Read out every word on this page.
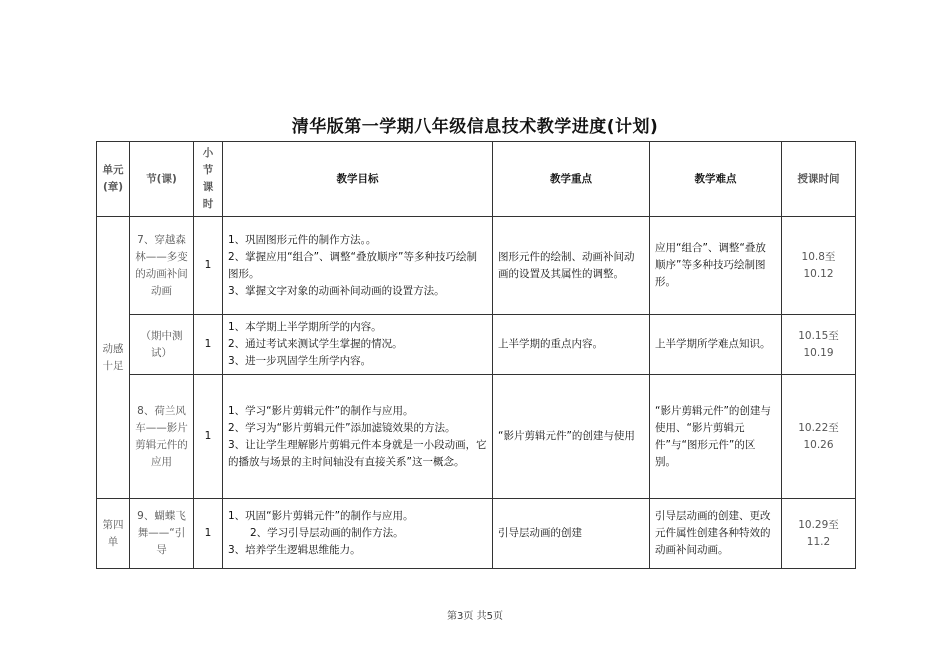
清华版第一学期八年级信息技术教学进度(计划)
单元(章)	节(课)	小节课时	教学目标	教学重点	教学难点	授课时间
动感十足	7、穿越森林——多变的动画补间动画	1	1、巩固图形元件的制作方法。。
2、掌握应用“组合”、调整“叠放顺序”等多种技巧绘制图形。
3、掌握文字对象的动画补间动画的设置方法。	图形元件的绘制、动画补间动画的设置及其属性的调整。	应用“组合”、调整“叠放顺序”等多种技巧绘制图形。	10.8至10.12
	（期中测试）	1	1、本学期上半学期所学的内容。
2、通过考试来测试学生掌握的情况。
3、进一步巩固学生所学内容。	上半学期的重点内容。	上半学期所学难点知识。	10.15至10.19
	8、荷兰风车——影片剪辑元件的应用	1	1、学习“影片剪辑元件”的制作与应用。
2、学习为“影片剪辑元件”添加滤镜效果的方法。
3、让让学生理解影片剪辑元件本身就是一小段动画，它的播放与场景的主时间轴没有直接关系”这一概念。	“影片剪辑元件”的创建与使用	“影片剪辑元件”的创建与使用、“影片剪辑元件”与“图形元件”的区别。	10.22至10.26
第四单	9、蝴蝶飞舞——“引导	1	1、巩固“影片剪辑元件”的制作与应用。
2、学习引导层动画的制作方法。
3、培养学生逻辑思维能力。	引导层动画的创建	引导层动画的创建、更改元件属性创建各种特效的动画补间动画。	10.29至11.2
第3页 共5页
